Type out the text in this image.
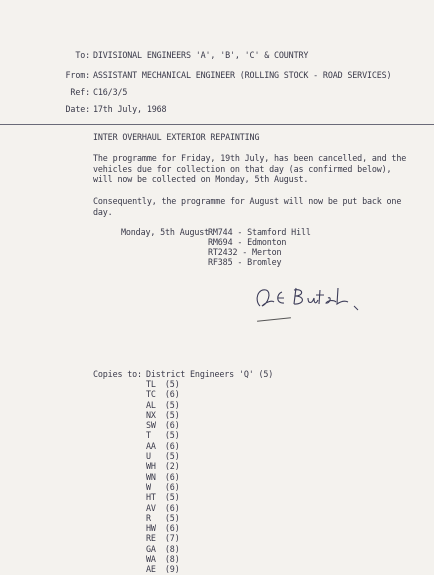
To: DIVISIONAL ENGINEERS 'A', 'B', 'C' & COUNTRY
From: ASSISTANT MECHANICAL ENGINEER (ROLLING STOCK - ROAD SERVICES)
Ref: C16/3/5
Date: 17th July, 1968
INTER OVERHAUL EXTERIOR REPAINTING
The programme for Friday, 19th July, has been cancelled, and the vehicles due for collection on that day (as confirmed below), will now be collected on Monday, 5th August.
Consequently, the programme for August will now be put back one day.
Monday, 5th August
RM744 - Stamford Hill
RM694 - Edmonton
RT2432 - Merton
RF385 - Bromley
Copies to: District Engineers 'Q' (5)
TL (5)
TC (6)
AL (5)
NX (5)
SW (6)
T (5)
AA (6)
U (5)
WH (2)
WN (6)
W (6)
HT (5)
AV (6)
R (5)
HW (6)
RE (7)
GA (8)
WA (8)
AE (9)
